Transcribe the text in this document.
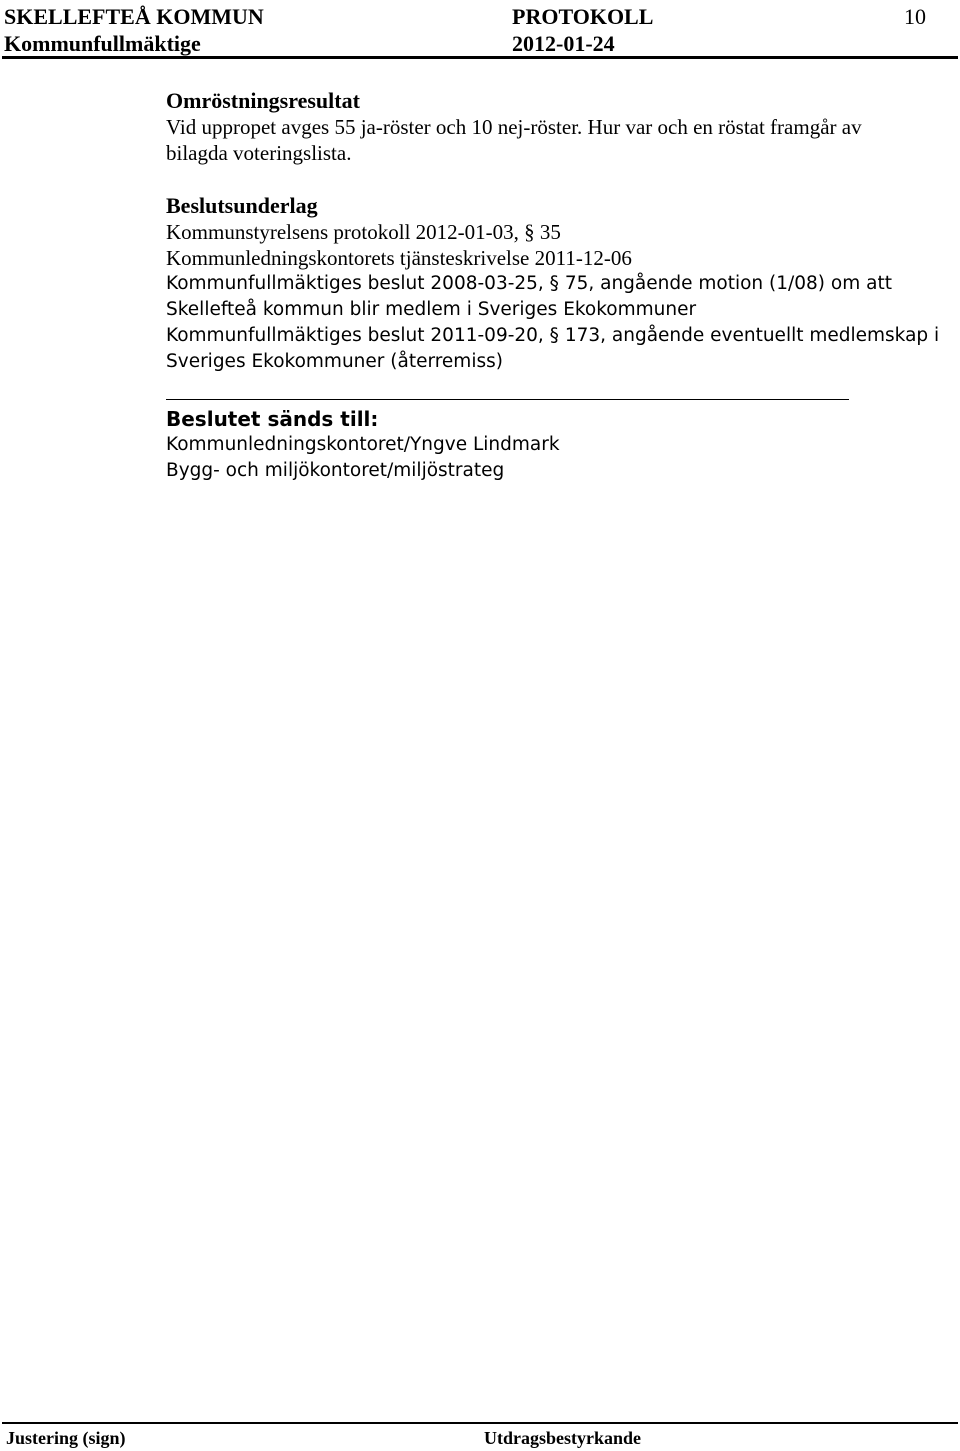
SKELLEFTEÅ KOMMUN	PROTOKOLL	10
Kommunfullmäktige	2012-01-24
Omröstningsresultat
Vid uppropet avges 55 ja-röster och 10 nej-röster. Hur var och en röstat framgår av
bilagda voteringslista.
Beslutsunderlag
Kommunstyrelsens protokoll 2012-01-03, § 35
Kommunledningskontorets tjänsteskrivelse 2011-12-06
Kommunfullmäktiges beslut 2008-03-25, § 75, angående motion (1/08) om att
Skellefteå kommun blir medlem i Sveriges Ekokommuner
Kommunfullmäktiges beslut 2011-09-20, § 173, angående eventuellt medlemskap i
Sveriges Ekokommuner (återremiss)
Beslutet sänds till:
Kommunledningskontoret/Yngve Lindmark
Bygg- och miljökontoret/miljöstrateg
Justering (sign)	Utdragsbestyrkande
